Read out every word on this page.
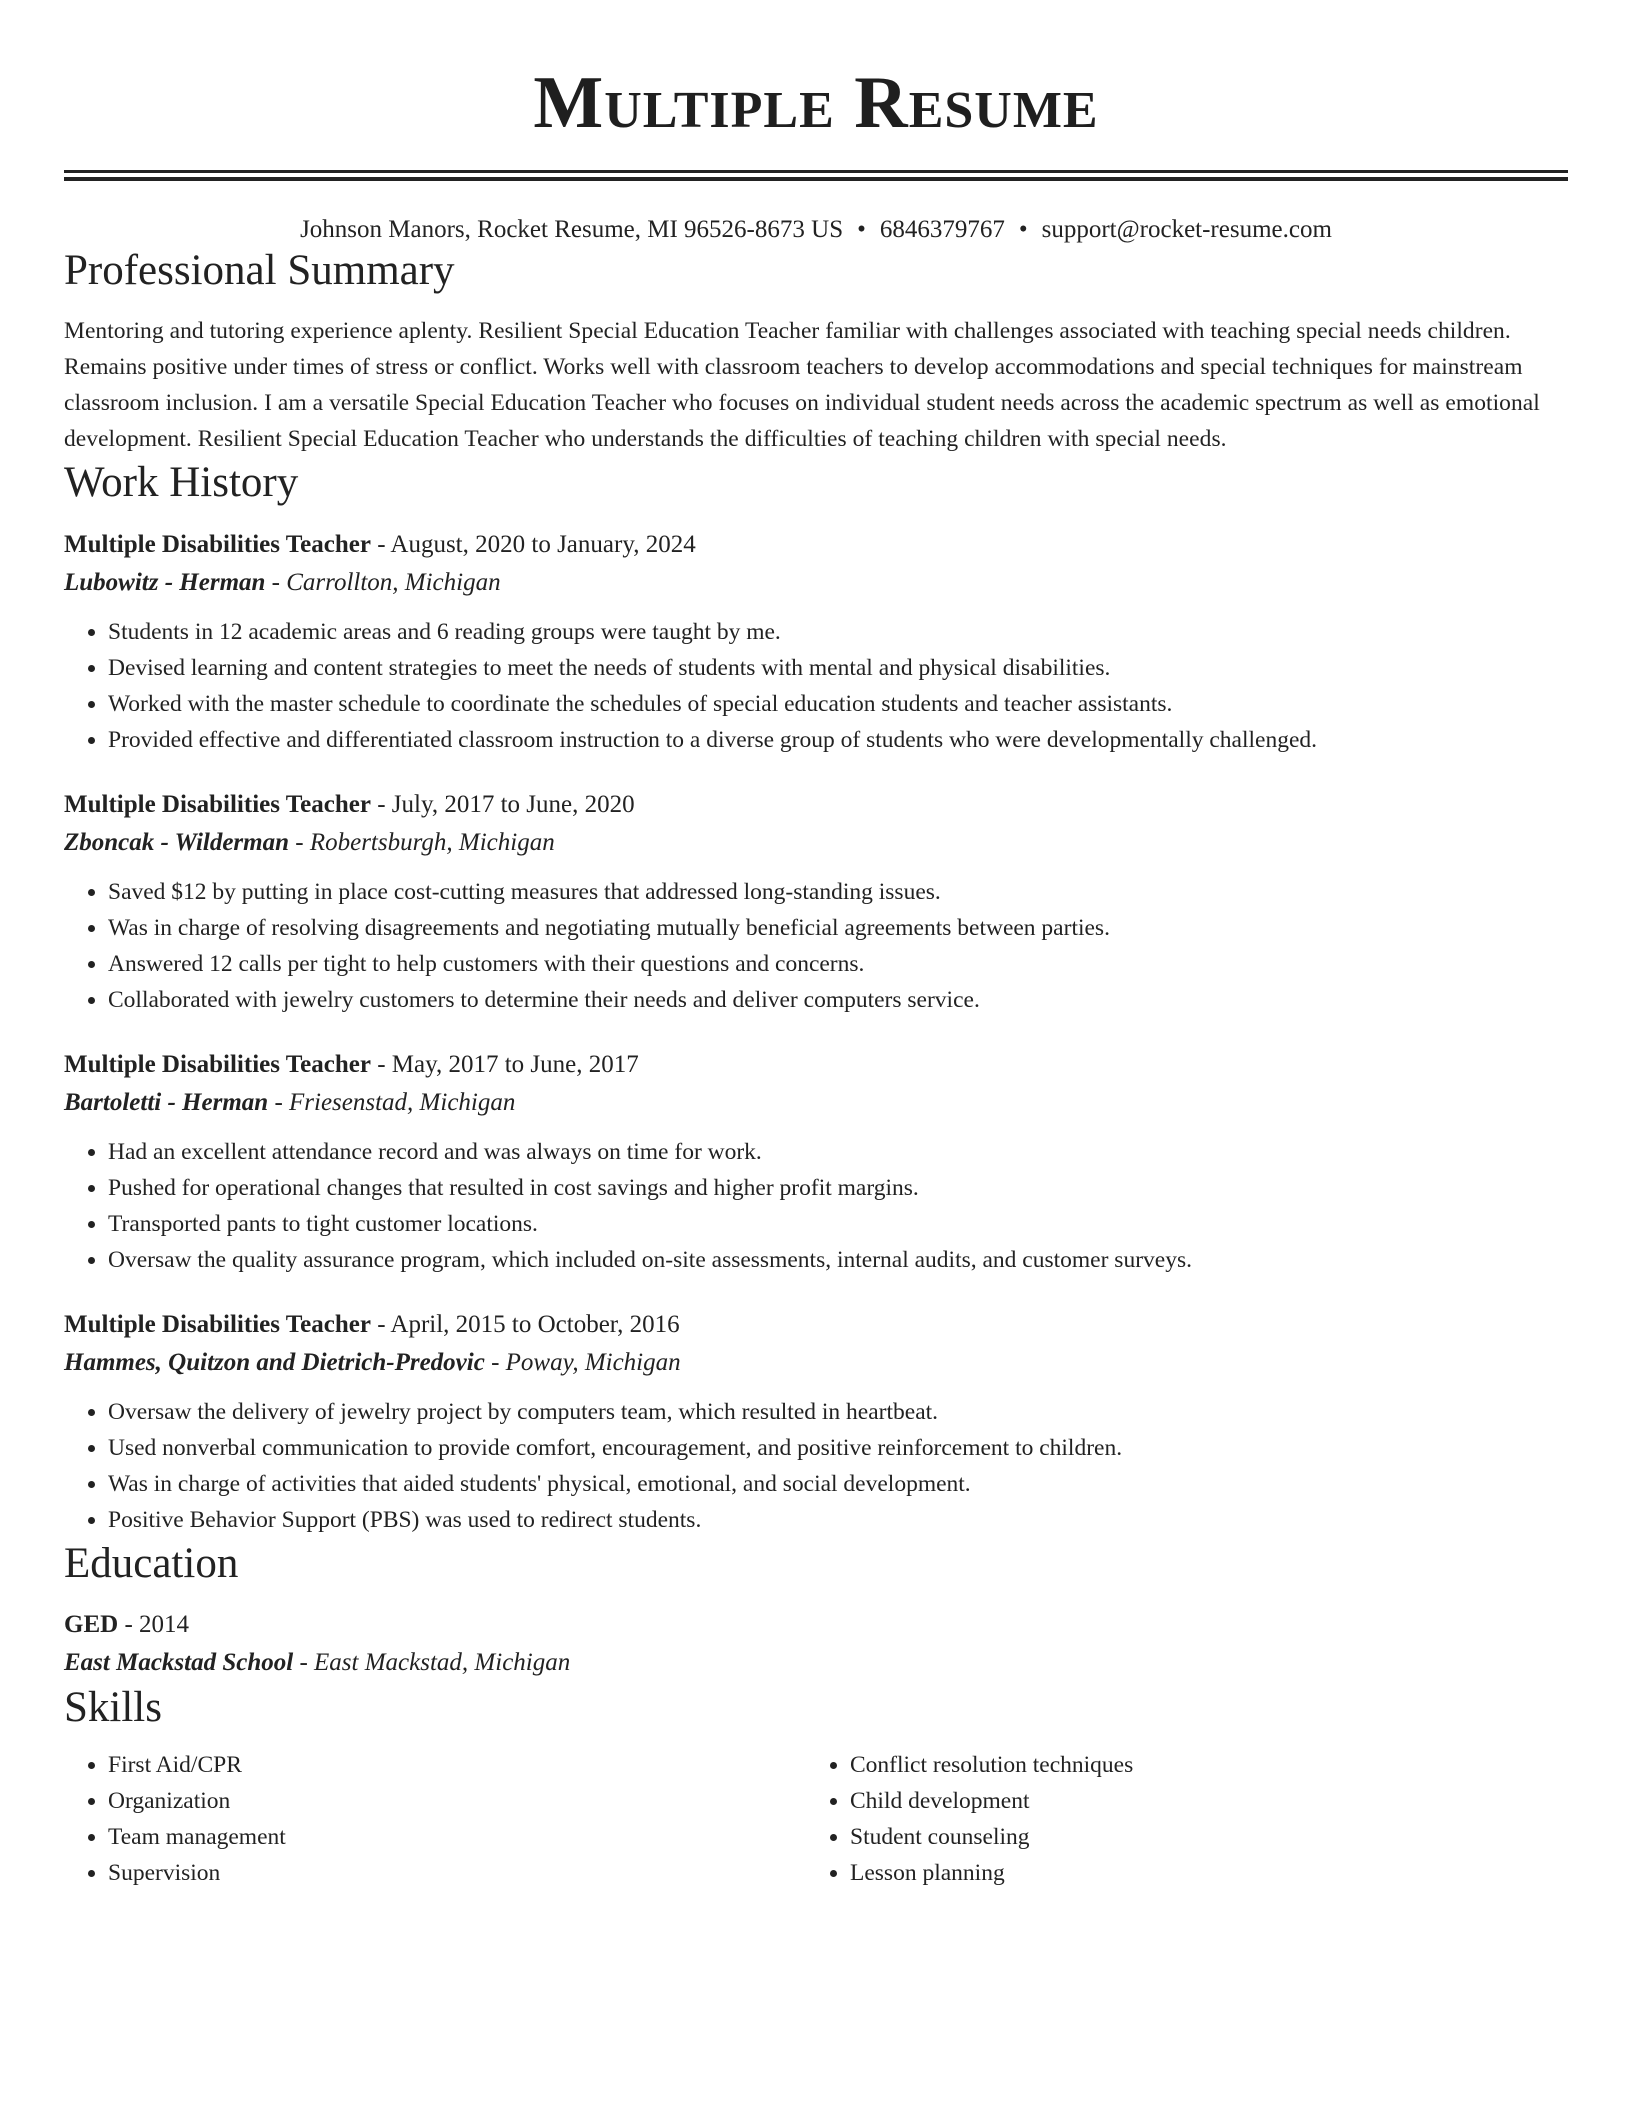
Multiple Resume
Johnson Manors, Rocket Resume, MI 96526-8673 US • 6846379767 • support@rocket-resume.com
Professional Summary
Mentoring and tutoring experience aplenty. Resilient Special Education Teacher familiar with challenges associated with teaching special needs children. Remains positive under times of stress or conflict. Works well with classroom teachers to develop accommodations and special techniques for mainstream classroom inclusion. I am a versatile Special Education Teacher who focuses on individual student needs across the academic spectrum as well as emotional development. Resilient Special Education Teacher who understands the difficulties of teaching children with special needs.
Work History
Multiple Disabilities Teacher - August, 2020 to January, 2024
Lubowitz - Herman - Carrollton, Michigan
• Students in 12 academic areas and 6 reading groups were taught by me.
• Devised learning and content strategies to meet the needs of students with mental and physical disabilities.
• Worked with the master schedule to coordinate the schedules of special education students and teacher assistants.
• Provided effective and differentiated classroom instruction to a diverse group of students who were developmentally challenged.
Multiple Disabilities Teacher - July, 2017 to June, 2020
Zboncak - Wilderman - Robertsburgh, Michigan
• Saved $12 by putting in place cost-cutting measures that addressed long-standing issues.
• Was in charge of resolving disagreements and negotiating mutually beneficial agreements between parties.
• Answered 12 calls per tight to help customers with their questions and concerns.
• Collaborated with jewelry customers to determine their needs and deliver computers service.
Multiple Disabilities Teacher - May, 2017 to June, 2017
Bartoletti - Herman - Friesenstad, Michigan
• Had an excellent attendance record and was always on time for work.
• Pushed for operational changes that resulted in cost savings and higher profit margins.
• Transported pants to tight customer locations.
• Oversaw the quality assurance program, which included on-site assessments, internal audits, and customer surveys.
Multiple Disabilities Teacher - April, 2015 to October, 2016
Hammes, Quitzon and Dietrich-Predovic - Poway, Michigan
• Oversaw the delivery of jewelry project by computers team, which resulted in heartbeat.
• Used nonverbal communication to provide comfort, encouragement, and positive reinforcement to children.
• Was in charge of activities that aided students' physical, emotional, and social development.
• Positive Behavior Support (PBS) was used to redirect students.
Education
GED - 2014
East Mackstad School - East Mackstad, Michigan
Skills
• First Aid/CPR
• Organization
• Team management
• Supervision
• Conflict resolution techniques
• Child development
• Student counseling
• Lesson planning
